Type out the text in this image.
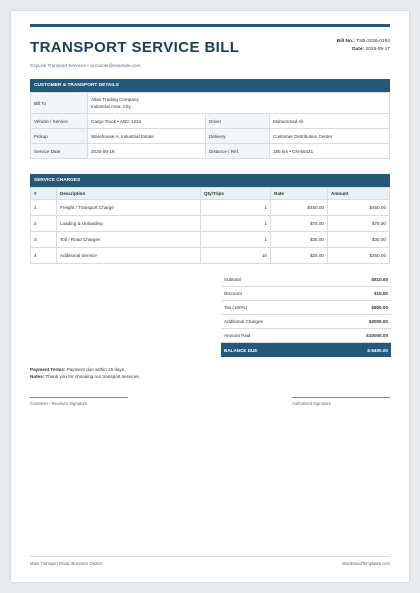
TRANSPORT SERVICE BILL
CityLink Transport Services • accounts@example.com
Bill No.: TSB-2026-0184
Date: 2026-09-17
CUSTOMER & TRANSPORT DETAILS
Bill To	Atlas Trading Company
Industrial Area, City		

Vehicle / Service	Cargo Truck • ABC-1234	Driver	Muhammad Ali
Pickup	Warehouse A, Industrial Estate	Delivery	Customer Distribution Center
Service Date	2026-09-16	Distance / Ref.	185 km • CN-55421
SERVICE CHARGES
#	Description	Qty/Trips	Rate	Amount
1	Freight / Transport Charge	1	$450.00	$450.00
2	Loading & Unloading	1	$75.00	$75.00
3	Toll / Road Charges	1	$35.00	$35.00
4	Additional Service	10	$25.00	$250.00
Subtotal	$810.00
Discount	$10.00
Tax (100%)	$800.00
Additional Charges	$3000.00
Amount Paid	$10000.00
BALANCE DUE	$-8400.00
Payment Terms: Payment due within 15 days.
Notes: Thank you for choosing our transport services.
Customer / Receiver Signature	Authorized Signature
Main Transport Road, Business District	WordSaudTemplates.com
